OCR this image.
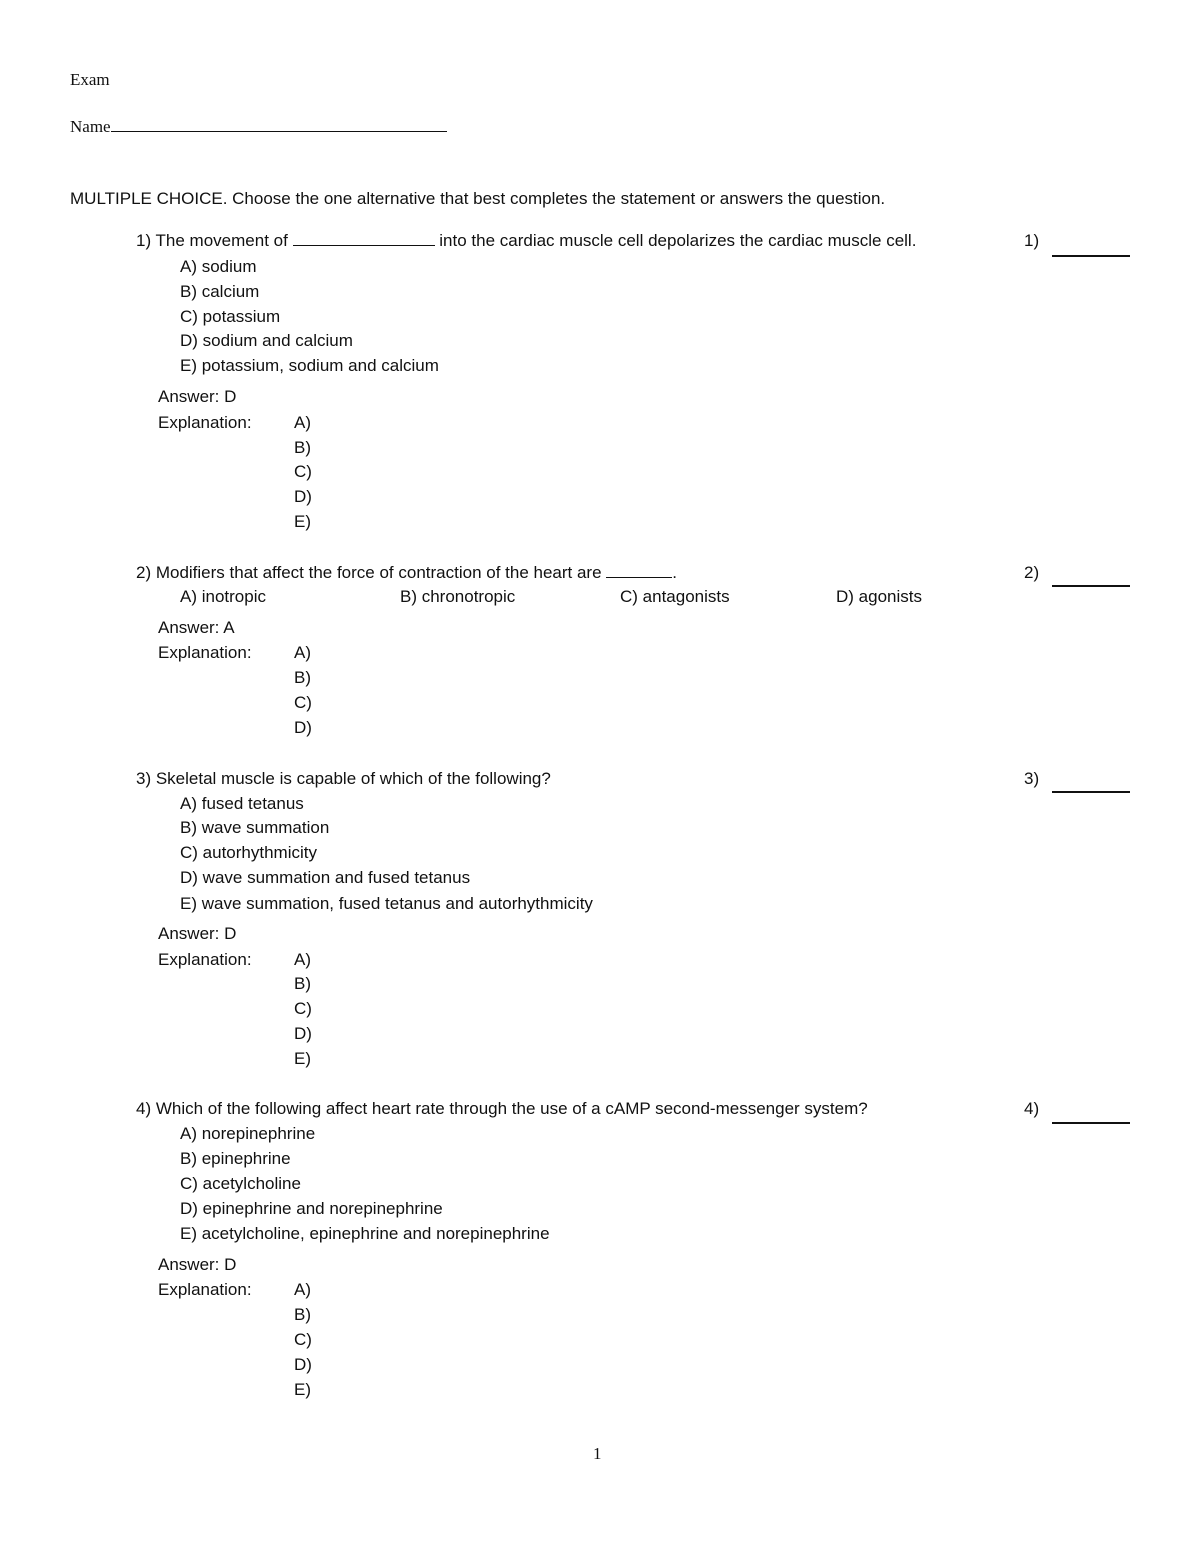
Exam
Name
MULTIPLE CHOICE. Choose the one alternative that best completes the statement or answers the question.
1) The movement of	into the cardiac muscle cell depolarizes the cardiac muscle cell.	1)
A) sodium
B) calcium
C) potassium
D) sodium and calcium
E) potassium, sodium and calcium
Answer: D
Explanation: A)
B)
C)
D)
E)
2) Modifiers that affect the force of contraction of the heart are	.	2)
A) inotropic	B) chronotropic	C) antagonists	D) agonists
Answer: A
Explanation: A)
B)
C)
D)
3) Skeletal muscle is capable of which of the following?	3)
A) fused tetanus
B) wave summation
C) autorhythmicity
D) wave summation and fused tetanus
E) wave summation, fused tetanus and autorhythmicity
Answer: D
Explanation: A)
B)
C)
D)
E)
4) Which of the following affect heart rate through the use of a cAMP second-messenger system?	4)
A) norepinephrine
B) epinephrine
C) acetylcholine
D) epinephrine and norepinephrine
E) acetylcholine, epinephrine and norepinephrine
Answer: D
Explanation: A)
B)
C)
D)
E)
1
